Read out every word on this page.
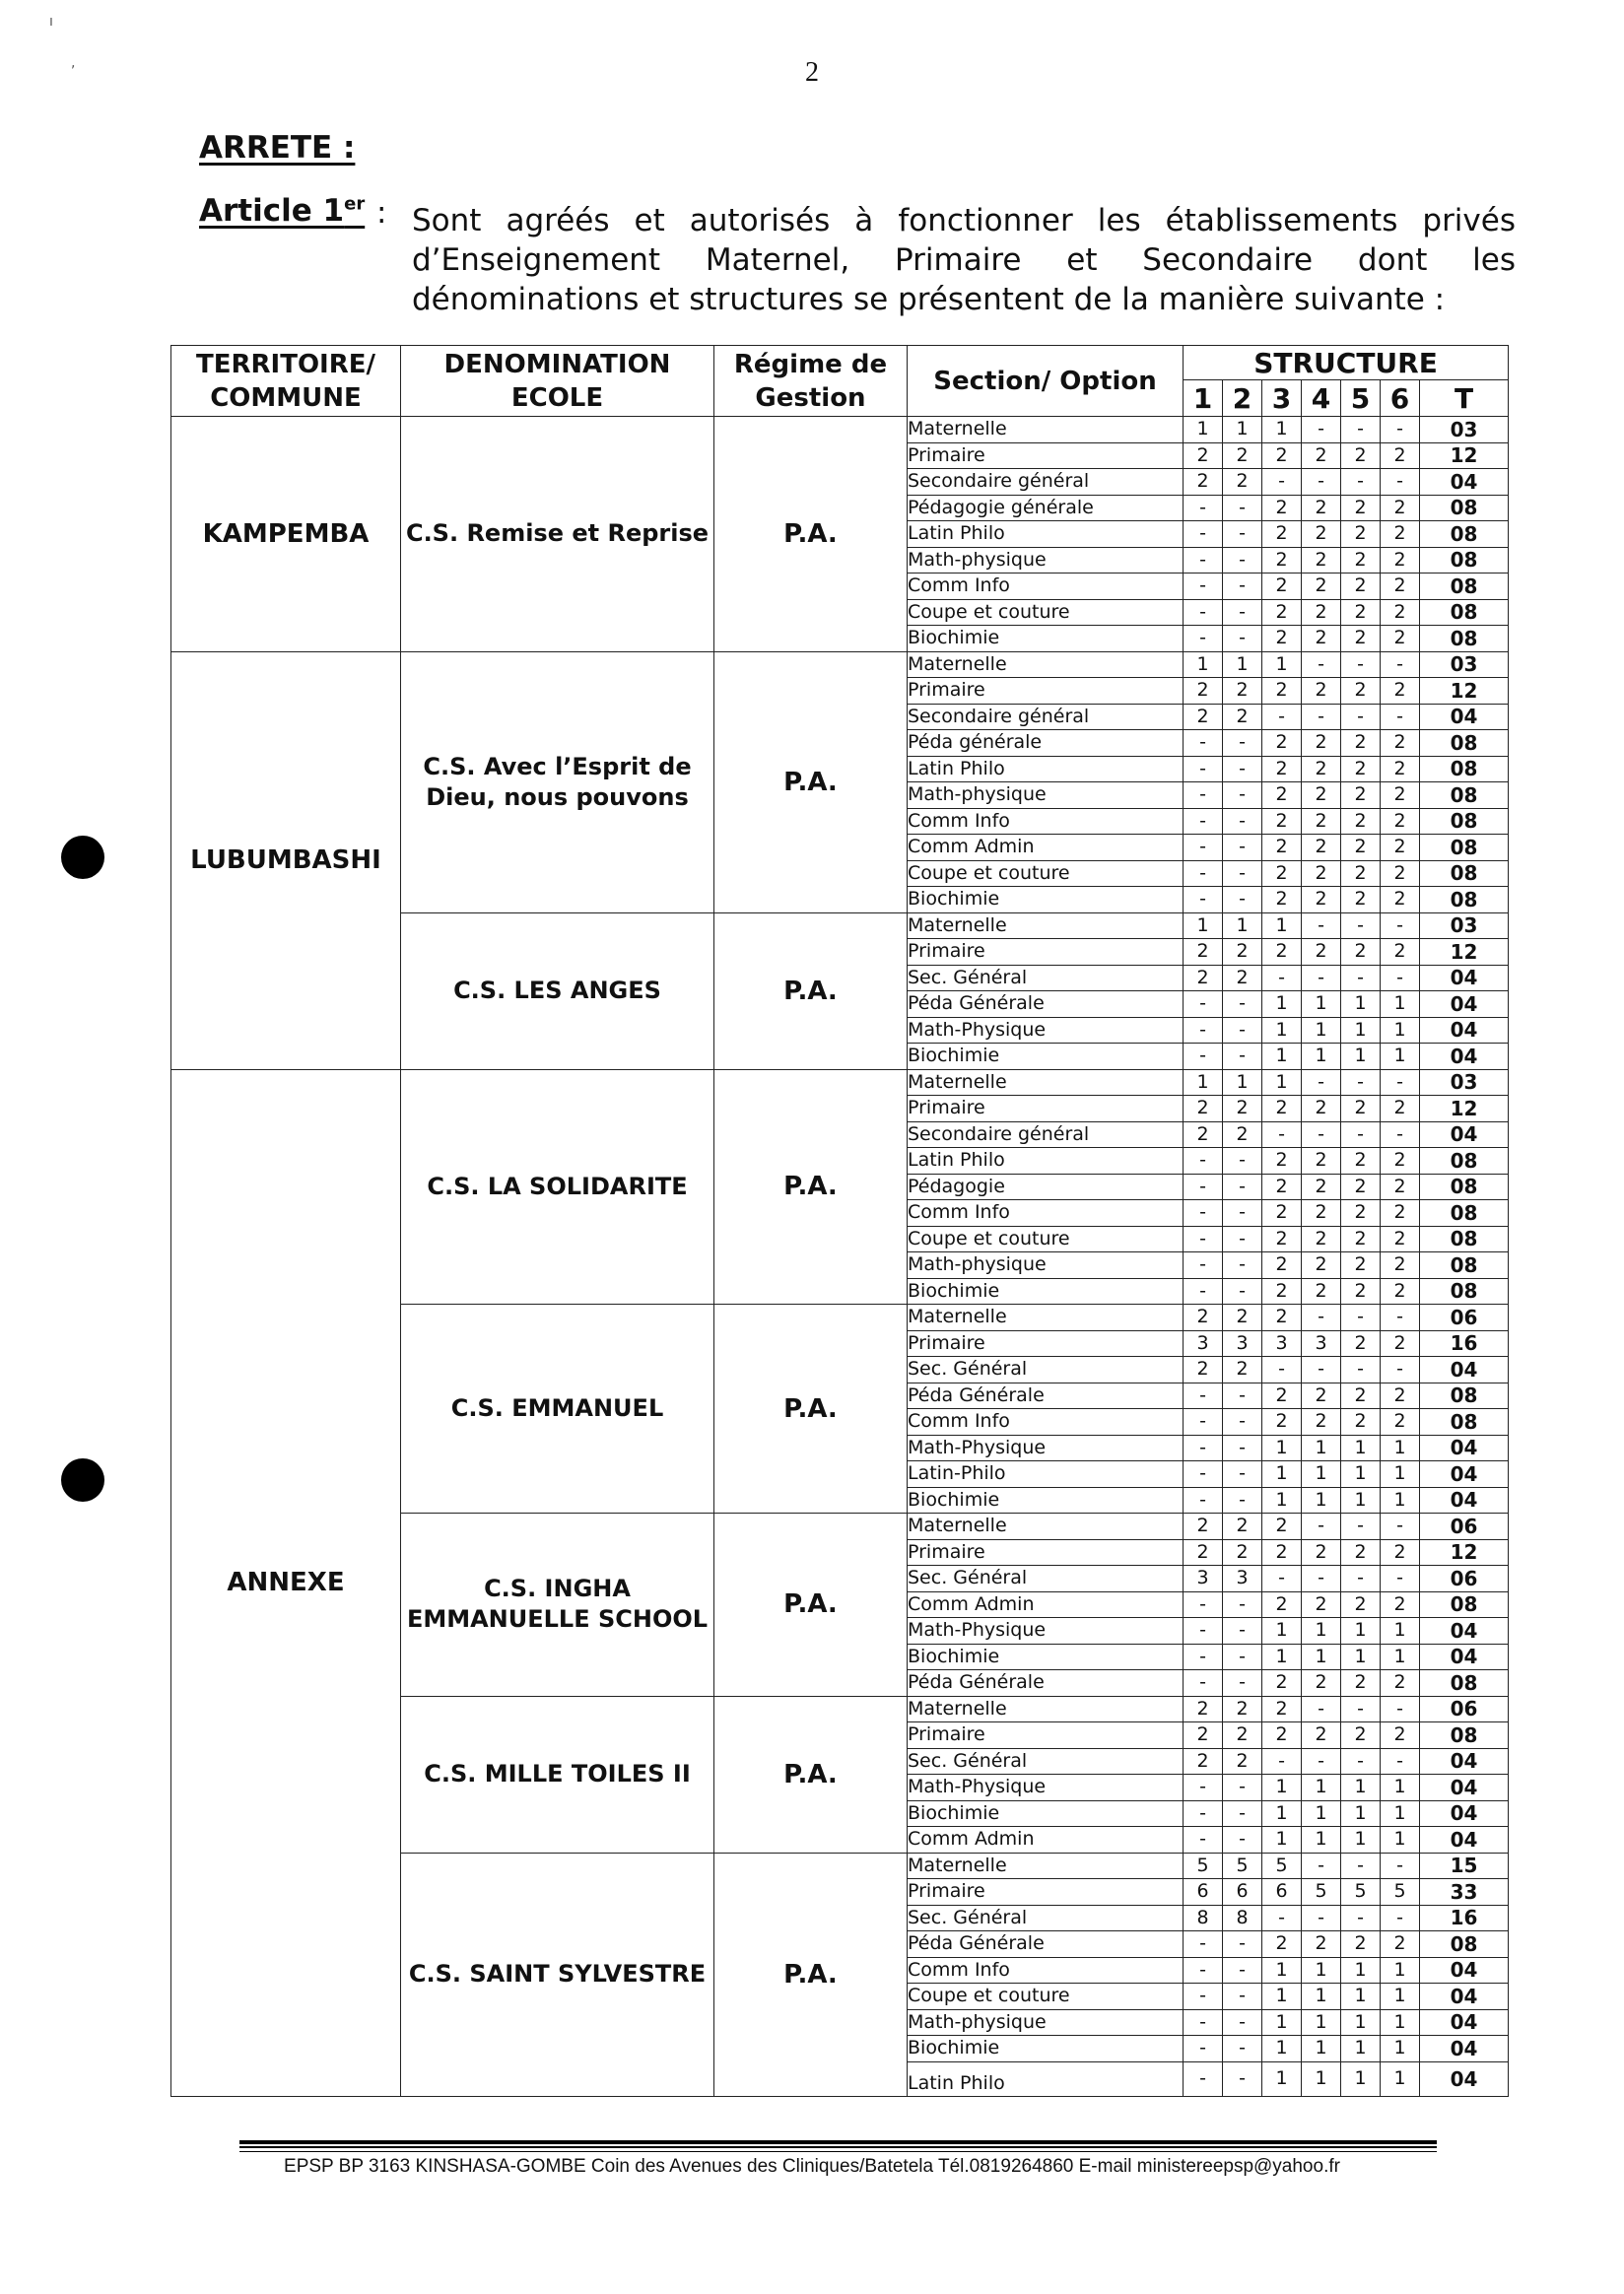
ı
,	2
ARRETE :
Article 1er : Sont agréés et autorisés à fonctionner les établissements privés d’Enseignement Maternel, Primaire et Secondaire dont les dénominations et structures se présentent de la manière suivante :
TERRITOIRE/ COMMUNE	DENOMINATION ECOLE	Régime de Gestion	Section/ Option	STRUCTURE						
				1	2	3	4	5	6	T
KAMPEMBA	C.S. Remise et Reprise	P.A.	Maternelle	1	1	1	-	-	-	03
			Primaire	2	2	2	2	2	2	12
			Secondaire général	2	2	-	-	-	-	04
			Pédagogie générale	-	-	2	2	2	2	08
			Latin Philo	-	-	2	2	2	2	08
			Math-physique	-	-	2	2	2	2	08
			Comm Info	-	-	2	2	2	2	08
			Coupe et couture	-	-	2	2	2	2	08
			Biochimie	-	-	2	2	2	2	08
LUBUMBASHI	C.S. Avec l’Esprit de Dieu, nous pouvons	P.A.	Maternelle	1	1	1	-	-	-	03
			Primaire	2	2	2	2	2	2	12
			Secondaire général	2	2	-	-	-	-	04
			Péda générale	-	-	2	2	2	2	08
			Latin Philo	-	-	2	2	2	2	08
			Math-physique	-	-	2	2	2	2	08
			Comm Info	-	-	2	2	2	2	08
			Comm Admin	-	-	2	2	2	2	08
			Coupe et couture	-	-	2	2	2	2	08
			Biochimie	-	-	2	2	2	2	08
	C.S. LES ANGES	P.A.	Maternelle	1	1	1	-	-	-	03
			Primaire	2	2	2	2	2	2	12
			Sec. Général	2	2	-	-	-	-	04
			Péda Générale	-	-	1	1	1	1	04
			Math-Physique	-	-	1	1	1	1	04
			Biochimie	-	-	1	1	1	1	04
ANNEXE	C.S. LA SOLIDARITE	P.A.	Maternelle	1	1	1	-	-	-	03
			Primaire	2	2	2	2	2	2	12
			Secondaire général	2	2	-	-	-	-	04
			Latin Philo	-	-	2	2	2	2	08
			Pédagogie	-	-	2	2	2	2	08
			Comm Info	-	-	2	2	2	2	08
			Coupe et couture	-	-	2	2	2	2	08
			Math-physique	-	-	2	2	2	2	08
			Biochimie	-	-	2	2	2	2	08
	C.S. EMMANUEL	P.A.	Maternelle	2	2	2	-	-	-	06
			Primaire	3	3	3	3	2	2	16
			Sec. Général	2	2	-	-	-	-	04
			Péda Générale	-	-	2	2	2	2	08
			Comm Info	-	-	2	2	2	2	08
			Math-Physique	-	-	1	1	1	1	04
			Latin-Philo	-	-	1	1	1	1	04
			Biochimie	-	-	1	1	1	1	04
	C.S. INGHA EMMANUELLE SCHOOL	P.A.	Maternelle	2	2	2	-	-	-	06
			Primaire	2	2	2	2	2	2	12
			Sec. Général	3	3	-	-	-	-	06
			Comm Admin	-	-	2	2	2	2	08
			Math-Physique	-	-	1	1	1	1	04
			Biochimie	-	-	1	1	1	1	04
			Péda Générale	-	-	2	2	2	2	08
	C.S. MILLE TOILES II	P.A.	Maternelle	2	2	2	-	-	-	06
			Primaire	2	2	2	2	2	2	08
			Sec. Général	2	2	-	-	-	-	04
			Math-Physique	-	-	1	1	1	1	04
			Biochimie	-	-	1	1	1	1	04
			Comm Admin	-	-	1	1	1	1	04
	C.S. SAINT SYLVESTRE	P.A.	Maternelle	5	5	5	-	-	-	15
			Primaire	6	6	6	5	5	5	33
			Sec. Général	8	8	-	-	-	-	16
			Péda Générale	-	-	2	2	2	2	08
			Comm Info	-	-	1	1	1	1	04
			Coupe et couture	-	-	1	1	1	1	04
			Math-physique	-	-	1	1	1	1	04
			Biochimie	-	-	1	1	1	1	04
			Latin Philo	-	-	1	1	1	1	04
EPSP BP 3163 KINSHASA-GOMBE Coin des Avenues des Cliniques/Batetela Tél.0819264860 E-mail ministereepsp@yahoo.fr
